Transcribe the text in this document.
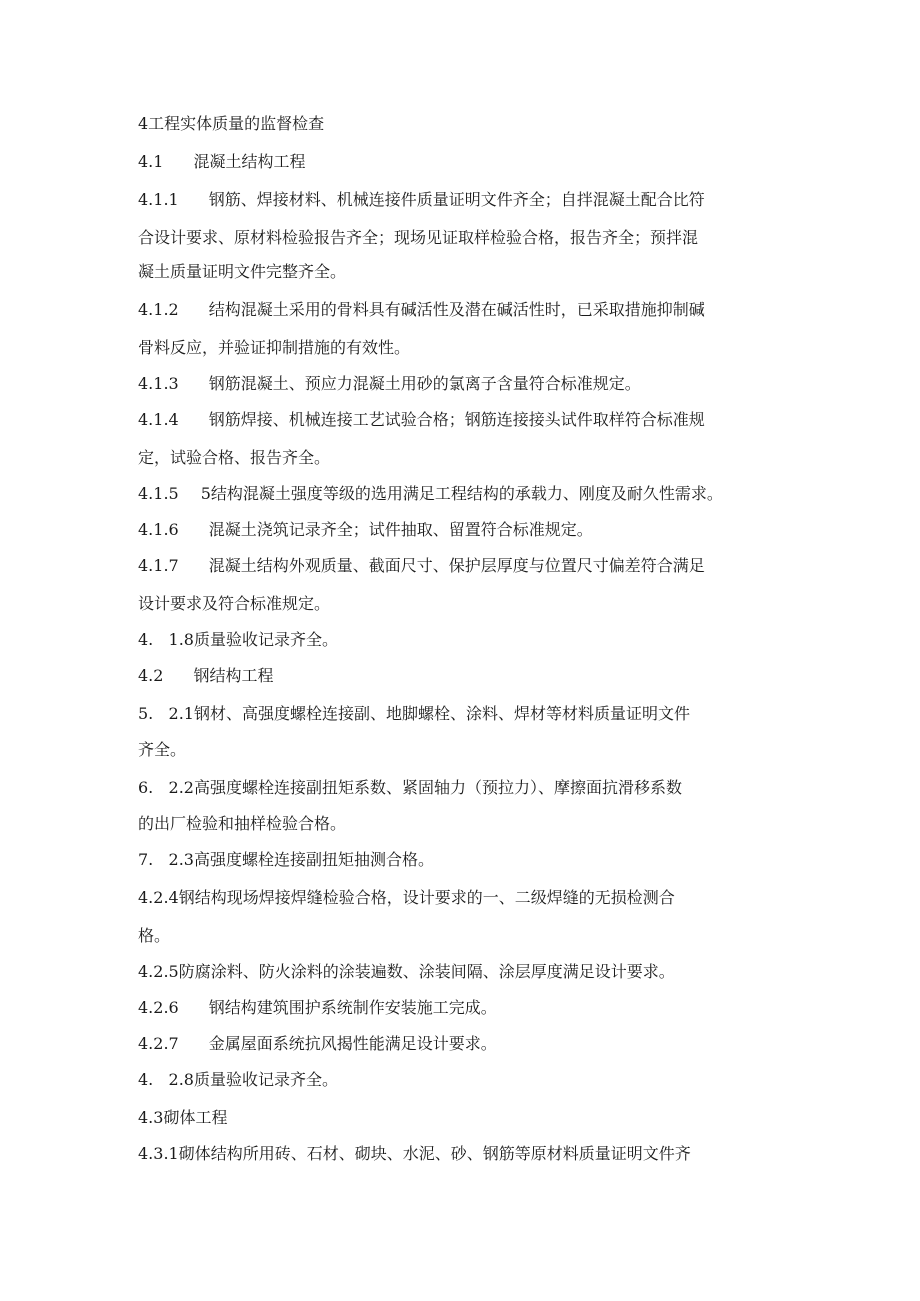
4工程实体质量的监督检查
4.1 混凝土结构工程
4.1.1 钢筋、焊接材料、机械连接件质量证明文件齐全；自拌混凝土配合比符
合设计要求、原材料检验报告齐全；现场见证取样检验合格，报告齐全；预拌混
凝土质量证明文件完整齐全。
4.1.2 结构混凝土采用的骨料具有碱活性及潜在碱活性时，已采取措施抑制碱
骨料反应，并验证抑制措施的有效性。
4.1.3 钢筋混凝土、预应力混凝土用砂的氯离子含量符合标准规定。
4.1.4 钢筋焊接、机械连接工艺试验合格；钢筋连接接头试件取样符合标准规
定，试验合格、报告齐全。
4.1.5 5结构混凝土强度等级的选用满足工程结构的承载力、刚度及耐久性需求。
4.1.6 混凝土浇筑记录齐全；试件抽取、留置符合标准规定。
4.1.7 混凝土结构外观质量、截面尺寸、保护层厚度与位置尺寸偏差符合满足
设计要求及符合标准规定。
4.   1.8质量验收记录齐全。
4.2 钢结构工程
5.   2.1钢材、高强度螺栓连接副、地脚螺栓、涂料、焊材等材料质量证明文件
齐全。
6.   2.2高强度螺栓连接副扭矩系数、紧固轴力（预拉力）、摩擦面抗滑移系数
的出厂检验和抽样检验合格。
7.   2.3高强度螺栓连接副扭矩抽测合格。
4.2.4钢结构现场焊接焊缝检验合格，设计要求的一、二级焊缝的无损检测合
格。
4.2.5防腐涂料、防火涂料的涂装遍数、涂装间隔、涂层厚度满足设计要求。
4.2.6 钢结构建筑围护系统制作安装施工完成。
4.2.7 金属屋面系统抗风揭性能满足设计要求。
4.   2.8质量验收记录齐全。
4.3砌体工程
4.3.1砌体结构所用砖、石材、砌块、水泥、砂、钢筋等原材料质量证明文件齐
